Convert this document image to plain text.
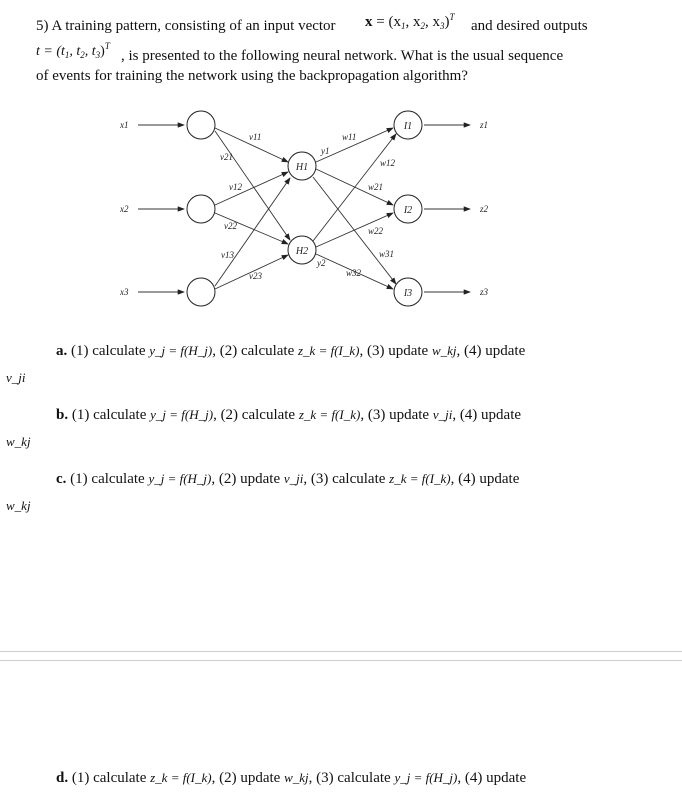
5) A training pattern, consisting of an input vector $x = (x_1$, $x_2$, $x_3)^T$
and desired outputs
$t = (t_1$, $t_2$, $t_3)^T$
, is presented to the following neural network. What is the usual sequence
of events for training the network using the backpropagation algorithm?
x1
x2
x3
z1
z2
z3
v11
v21
v12
v22
v13
v23
y1
y2
w11
w12
w21
w22
w31
w32
H1
H2
I1
I2
I3
a. (1) calculate y_j = f(H_j), (2) calculate z_k = f(I_k), (3) update w_kj, (4) update
v_ji
b. (1) calculate y_j = f(H_j), (2) calculate z_k = f(I_k), (3) update v_ji, (4) update
w_kj
c. (1) calculate y_j = f(H_j), (2) update v_ji, (3) calculate z_k = f(I_k), (4) update
w_kj
d. (1) calculate z_k = f(I_k), (2) update w_kj, (3) calculate y_j = f(H_j), (4) update
